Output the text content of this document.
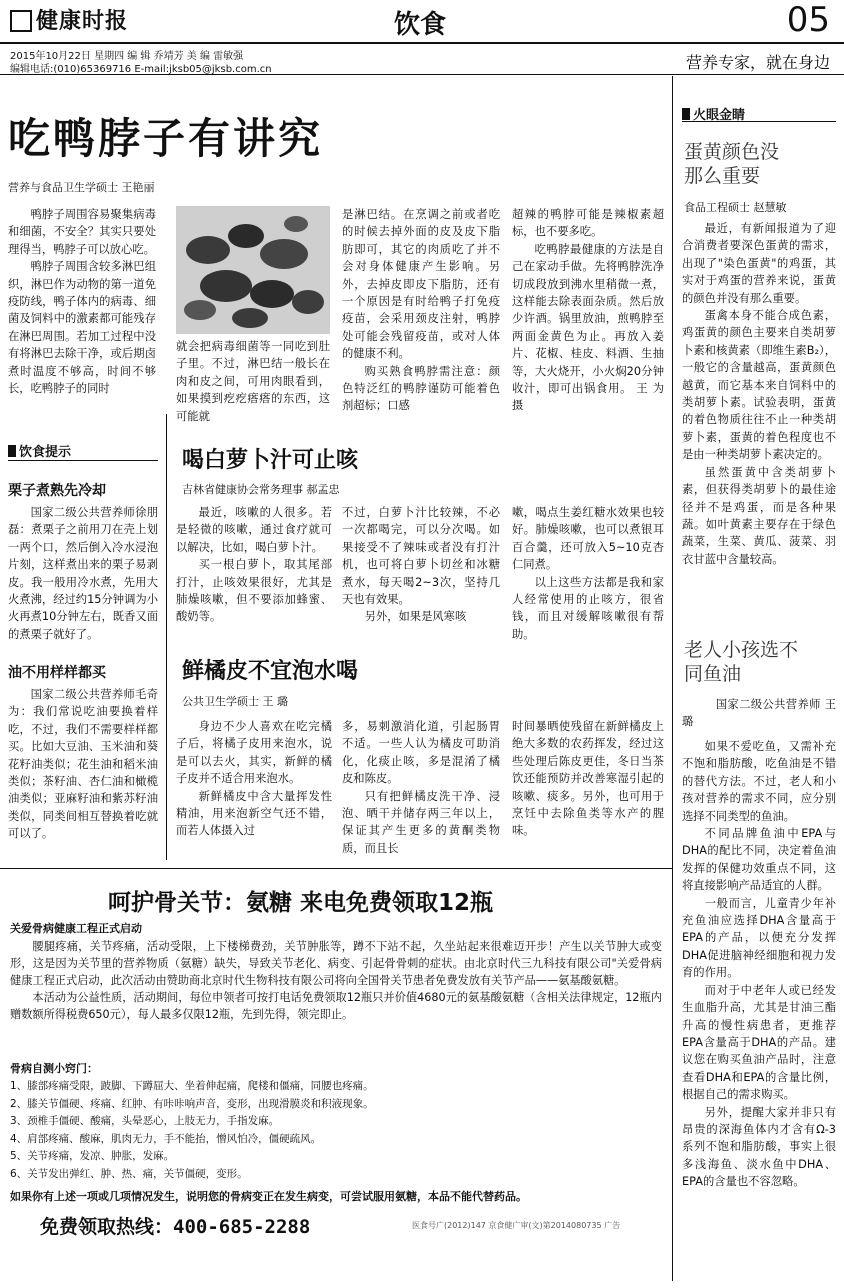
健康时报	饮食	05
2015年10月22日 星期四 编 辑 乔靖芳 美 编 雷敏强
编辑电话:(010)65369716 E-mail:jksb05@jksb.com.cn	营养专家，就在身边
吃鸭脖子有讲究
营养与食品卫生学硕士 王艳丽

鸭脖子周围容易聚集病毒和细菌，不安全？其实只要处理得当，鸭脖子可以放心吃。

鸭脖子周围含较多淋巴组织，淋巴作为动物的第一道免疫防线，鸭子体内的病毒、细菌及饲料中的激素都可能残存在淋巴周围。若加工过程中没有将淋巴去除干净，或后期卤煮时温度不够高，时间不够长，吃鸭脖子的同时

就会把病毒细菌等一同吃到肚子里。不过，淋巴结一般长在肉和皮之间，可用肉眼看到，如果摸到疙疙瘩瘩的东西，这可能就

是淋巴结。在烹调之前或者吃的时候去掉外面的皮及皮下脂肪即可，其它的肉质吃了并不会对身体健康产生影响。另外，去掉皮即皮下脂肪，还有一个原因是有时给鸭子打免疫疫苗，会采用颈皮注射，鸭脖处可能会残留疫苗，或对人体的健康不利。

购买熟食鸭脖需注意：颜色特泛红的鸭脖谨防可能着色剂超标；口感

超辣的鸭脖可能是辣椒素超标，也不要多吃。

吃鸭脖最健康的方法是自己在家动手做。先将鸭脖洗净切成段放到沸水里稍微一煮，这样能去除表面杂质。然后放少许酒。锅里放油，煎鸭脖至两面金黄色为止。再放入姜片、花椒、桂皮、料酒、生抽等，大火烧开，小火焖20分钟收汁，即可出锅食用。 王 为摄

饮食提示
栗子煮熟先冷却

国家二级公共营养师徐朋磊：煮栗子之前用刀在壳上划一两个口，然后倒入冷水浸泡片刻，这样煮出来的栗子易剥皮。我一般用冷水煮，先用大火煮沸，经过约15分钟调为小火再煮10分钟左右，既香又面的煮栗子就好了。

油不用样样都买

国家二级公共营养师毛奇为：我们常说吃油要换着样吃，不过，我们不需要样样都买。比如大豆油、玉米油和葵花籽油类似；花生油和稻米油类似；茶籽油、杏仁油和橄榄油类似；亚麻籽油和紫苏籽油类似，同类间相互替换着吃就可以了。

喝白萝卜汁可止咳
吉林省健康协会常务理事 郝孟忠

最近，咳嗽的人很多。若是轻微的咳嗽，通过食疗就可以解决，比如，喝白萝卜汁。

买一根白萝卜，取其尾部打汁，止咳效果很好，尤其是肺燥咳嗽，但不要添加蜂蜜、酸奶等。

不过，白萝卜汁比较辣，不必一次都喝完，可以分次喝。如果接受不了辣味或者没有打汁机，也可将白萝卜切丝和冰糖煮水，每天喝2~3次，坚持几天也有效果。

另外，如果是风寒咳

嗽，喝点生姜红糖水效果也较好。肺燥咳嗽，也可以煮银耳百合羹，还可放入5~10克杏仁同煮。

以上这些方法都是我和家人经常使用的止咳方，很省钱，而且对缓解咳嗽很有帮助。

鲜橘皮不宜泡水喝
公共卫生学硕士 王 璐

身边不少人喜欢在吃完橘子后，将橘子皮用来泡水，说是可以去火，其实，新鲜的橘子皮并不适合用来泡水。

新鲜橘皮中含大量挥发性精油，用来泡新空气还不错，而若人体摄入过

多，易刺激消化道，引起肠胃不适。一些人认为橘皮可助消化，化痰止咳，多是混淆了橘皮和陈皮。

只有把鲜橘皮洗干净、浸泡、晒干并储存两三年以上，保证其产生更多的黄酮类物质，而且长

时间暴晒使残留在新鲜橘皮上绝大多数的农药挥发，经过这些处理后陈皮更佳，冬日当茶饮还能预防并改善寒湿引起的咳嗽、痰多。另外，也可用于烹饪中去除鱼类等水产的腥味。

火眼金睛
蛋黄颜色没那么重要
食品工程硕士 赵慧敏

最近，有新闻报道为了迎合消费者要深色蛋黄的需求，出现了"染色蛋黄"的鸡蛋，其实对于鸡蛋的营养来说，蛋黄的颜色并没有那么重要。

蛋禽本身不能合成色素，鸡蛋黄的颜色主要来自类胡萝卜素和核黄素（即维生素B₂），一般它的含量越高，蛋黄颜色越黄，而它基本来自饲料中的类胡萝卜素。试验表明，蛋黄的着色物质往往不止一种类胡萝卜素，蛋黄的着色程度也不是由一种类胡萝卜素决定的。

虽然蛋黄中含类胡萝卜素，但获得类胡萝卜的最佳途径并不是鸡蛋，而是各种果蔬。如叶黄素主要存在于绿色蔬菜，生菜、黄瓜、菠菜、羽衣甘蓝中含量较高。

老人小孩选不同鱼油

国家二级公共营养师 王 璐

如果不爱吃鱼，又需补充不饱和脂肪酸，吃鱼油是不错的替代方法。不过，老人和小孩对营养的需求不同，应分别选择不同类型的鱼油。

不同品牌鱼油中EPA与DHA的配比不同，决定着鱼油发挥的保健功效重点不同，这将直接影响产品适宜的人群。

一般而言，儿童青少年补充鱼油应选择DHA含量高于EPA的产品，以便充分发挥DHA促进脑神经细胞和视力发育的作用。

而对于中老年人或已经发生血脂升高，尤其是甘油三酯升高的慢性病患者，更推荐EPA含量高于DHA的产品。建议您在购买鱼油产品时，注意查看DHA和EPA的含量比例，根据自己的需求购买。

另外，提醒大家并非只有昂贵的深海鱼体内才含有Ω-3系列不饱和脂肪酸，事实上很多浅海鱼、淡水鱼中DHA、EPA的含量也不容忽略。

呵护骨关节：氨糖 来电免费领取12瓶
关爱骨病健康工程正式启动

腰腿疼痛，关节疼痛，活动受限，上下楼梯费劲，关节肿胀等，蹲不下站不起，久坐站起来很难迈开步！产生以关节肿大或变形，这是因为关节里的营养物质（氨糖）缺失，导致关节老化、病变、引起骨骨刺的症状。由北京时代三九科技有限公司"关爱骨病健康工程正式启动，此次活动由赞助商北京时代生物科技有限公司将向全国骨关节患者免费发放有关节产品——氨基酸氨糖。

本活动为公益性质，活动期间，每位申领者可按打电话免费领取12瓶只并价值4680元的氨基酸氨糖（含相关法律规定，12瓶内赠数额所得税费650元），每人最多仅限12瓶，先到先得，领完即止。

骨病自测小窍门：
1、膝部疼痛受限，跛脚、下蹲屈大、坐着伸起痛，爬楼和僵痛，同腰也疼痛。
2、膝关节僵硬、疼痛、红肿、有咔咔响声音，变形，出现滑膜炎和积液现象。
3、颈椎手僵硬、酸痛，头晕恶心，上肢无力，手指发麻。
4、肩部疼痛、酸麻，肌肉无力，手不能抬，憎风怕冷，僵硬疏风。
5、关节疼痛，发凉、肿胀，发麻。
6、关节发出弹红、肿、热、痛，关节僵硬，变形。
如果你有上述一项或几项情况发生，说明您的骨病变正在发生病变，可尝试服用氨糖，本品不能代替药品。
免费领取热线：400-685-2288	医食号广(2012)147 京食健广审(文)第2014080735 广告
